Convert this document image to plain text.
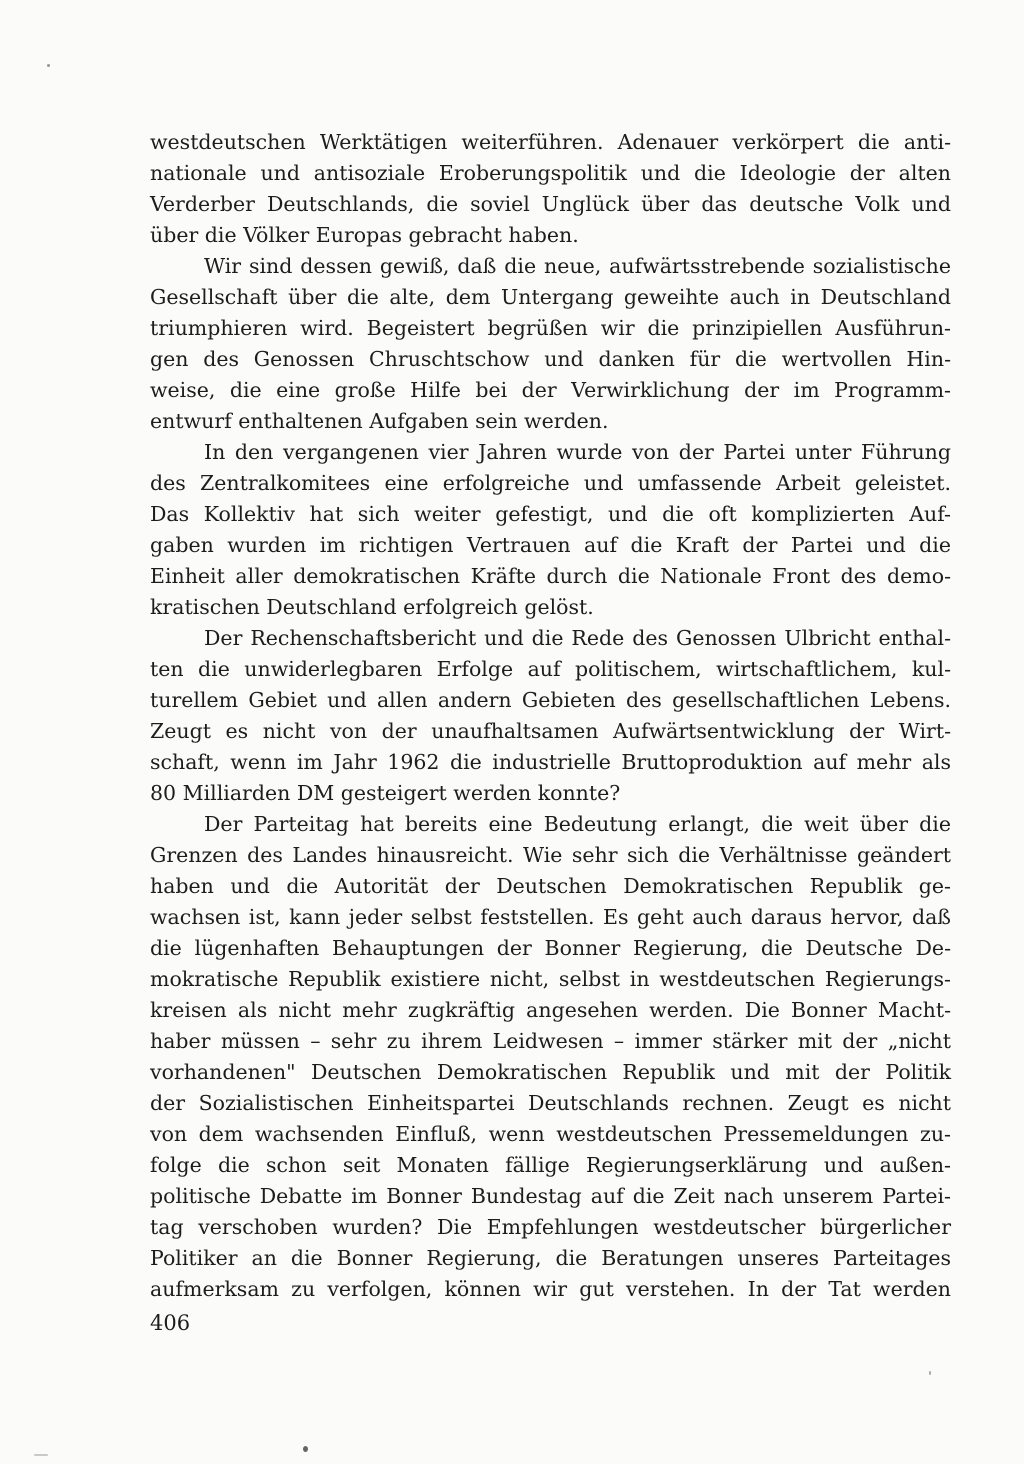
westdeutschen Werktätigen weiterführen. Adenauer verkörpert die anti-
nationale und antisoziale Eroberungspolitik und die Ideologie der alten
Verderber Deutschlands, die soviel Unglück über das deutsche Volk und
über die Völker Europas gebracht haben.
Wir sind dessen gewiß, daß die neue, aufwärtsstrebende sozialistische
Gesellschaft über die alte, dem Untergang geweihte auch in Deutschland
triumphieren wird. Begeistert begrüßen wir die prinzipiellen Ausführun-
gen des Genossen Chruschtschow und danken für die wertvollen Hin-
weise, die eine große Hilfe bei der Verwirklichung der im Programm-
entwurf enthaltenen Aufgaben sein werden.
In den vergangenen vier Jahren wurde von der Partei unter Führung
des Zentralkomitees eine erfolgreiche und umfassende Arbeit geleistet.
Das Kollektiv hat sich weiter gefestigt, und die oft komplizierten Auf-
gaben wurden im richtigen Vertrauen auf die Kraft der Partei und die
Einheit aller demokratischen Kräfte durch die Nationale Front des demo-
kratischen Deutschland erfolgreich gelöst.
Der Rechenschaftsbericht und die Rede des Genossen Ulbricht enthal-
ten die unwiderlegbaren Erfolge auf politischem, wirtschaftlichem, kul-
turellem Gebiet und allen andern Gebieten des gesellschaftlichen Lebens.
Zeugt es nicht von der unaufhaltsamen Aufwärtsentwicklung der Wirt-
schaft, wenn im Jahr 1962 die industrielle Bruttoproduktion auf mehr als
80 Milliarden DM gesteigert werden konnte?
Der Parteitag hat bereits eine Bedeutung erlangt, die weit über die
Grenzen des Landes hinausreicht. Wie sehr sich die Verhältnisse geändert
haben und die Autorität der Deutschen Demokratischen Republik ge-
wachsen ist, kann jeder selbst feststellen. Es geht auch daraus hervor, daß
die lügenhaften Behauptungen der Bonner Regierung, die Deutsche De-
mokratische Republik existiere nicht, selbst in westdeutschen Regierungs-
kreisen als nicht mehr zugkräftig angesehen werden. Die Bonner Macht-
haber müssen – sehr zu ihrem Leidwesen – immer stärker mit der „nicht
vorhandenen" Deutschen Demokratischen Republik und mit der Politik
der Sozialistischen Einheitspartei Deutschlands rechnen. Zeugt es nicht
von dem wachsenden Einfluß, wenn westdeutschen Pressemeldungen zu-
folge die schon seit Monaten fällige Regierungserklärung und außen-
politische Debatte im Bonner Bundestag auf die Zeit nach unserem Partei-
tag verschoben wurden? Die Empfehlungen westdeutscher bürgerlicher
Politiker an die Bonner Regierung, die Beratungen unseres Parteitages
aufmerksam zu verfolgen, können wir gut verstehen. In der Tat werden
406
